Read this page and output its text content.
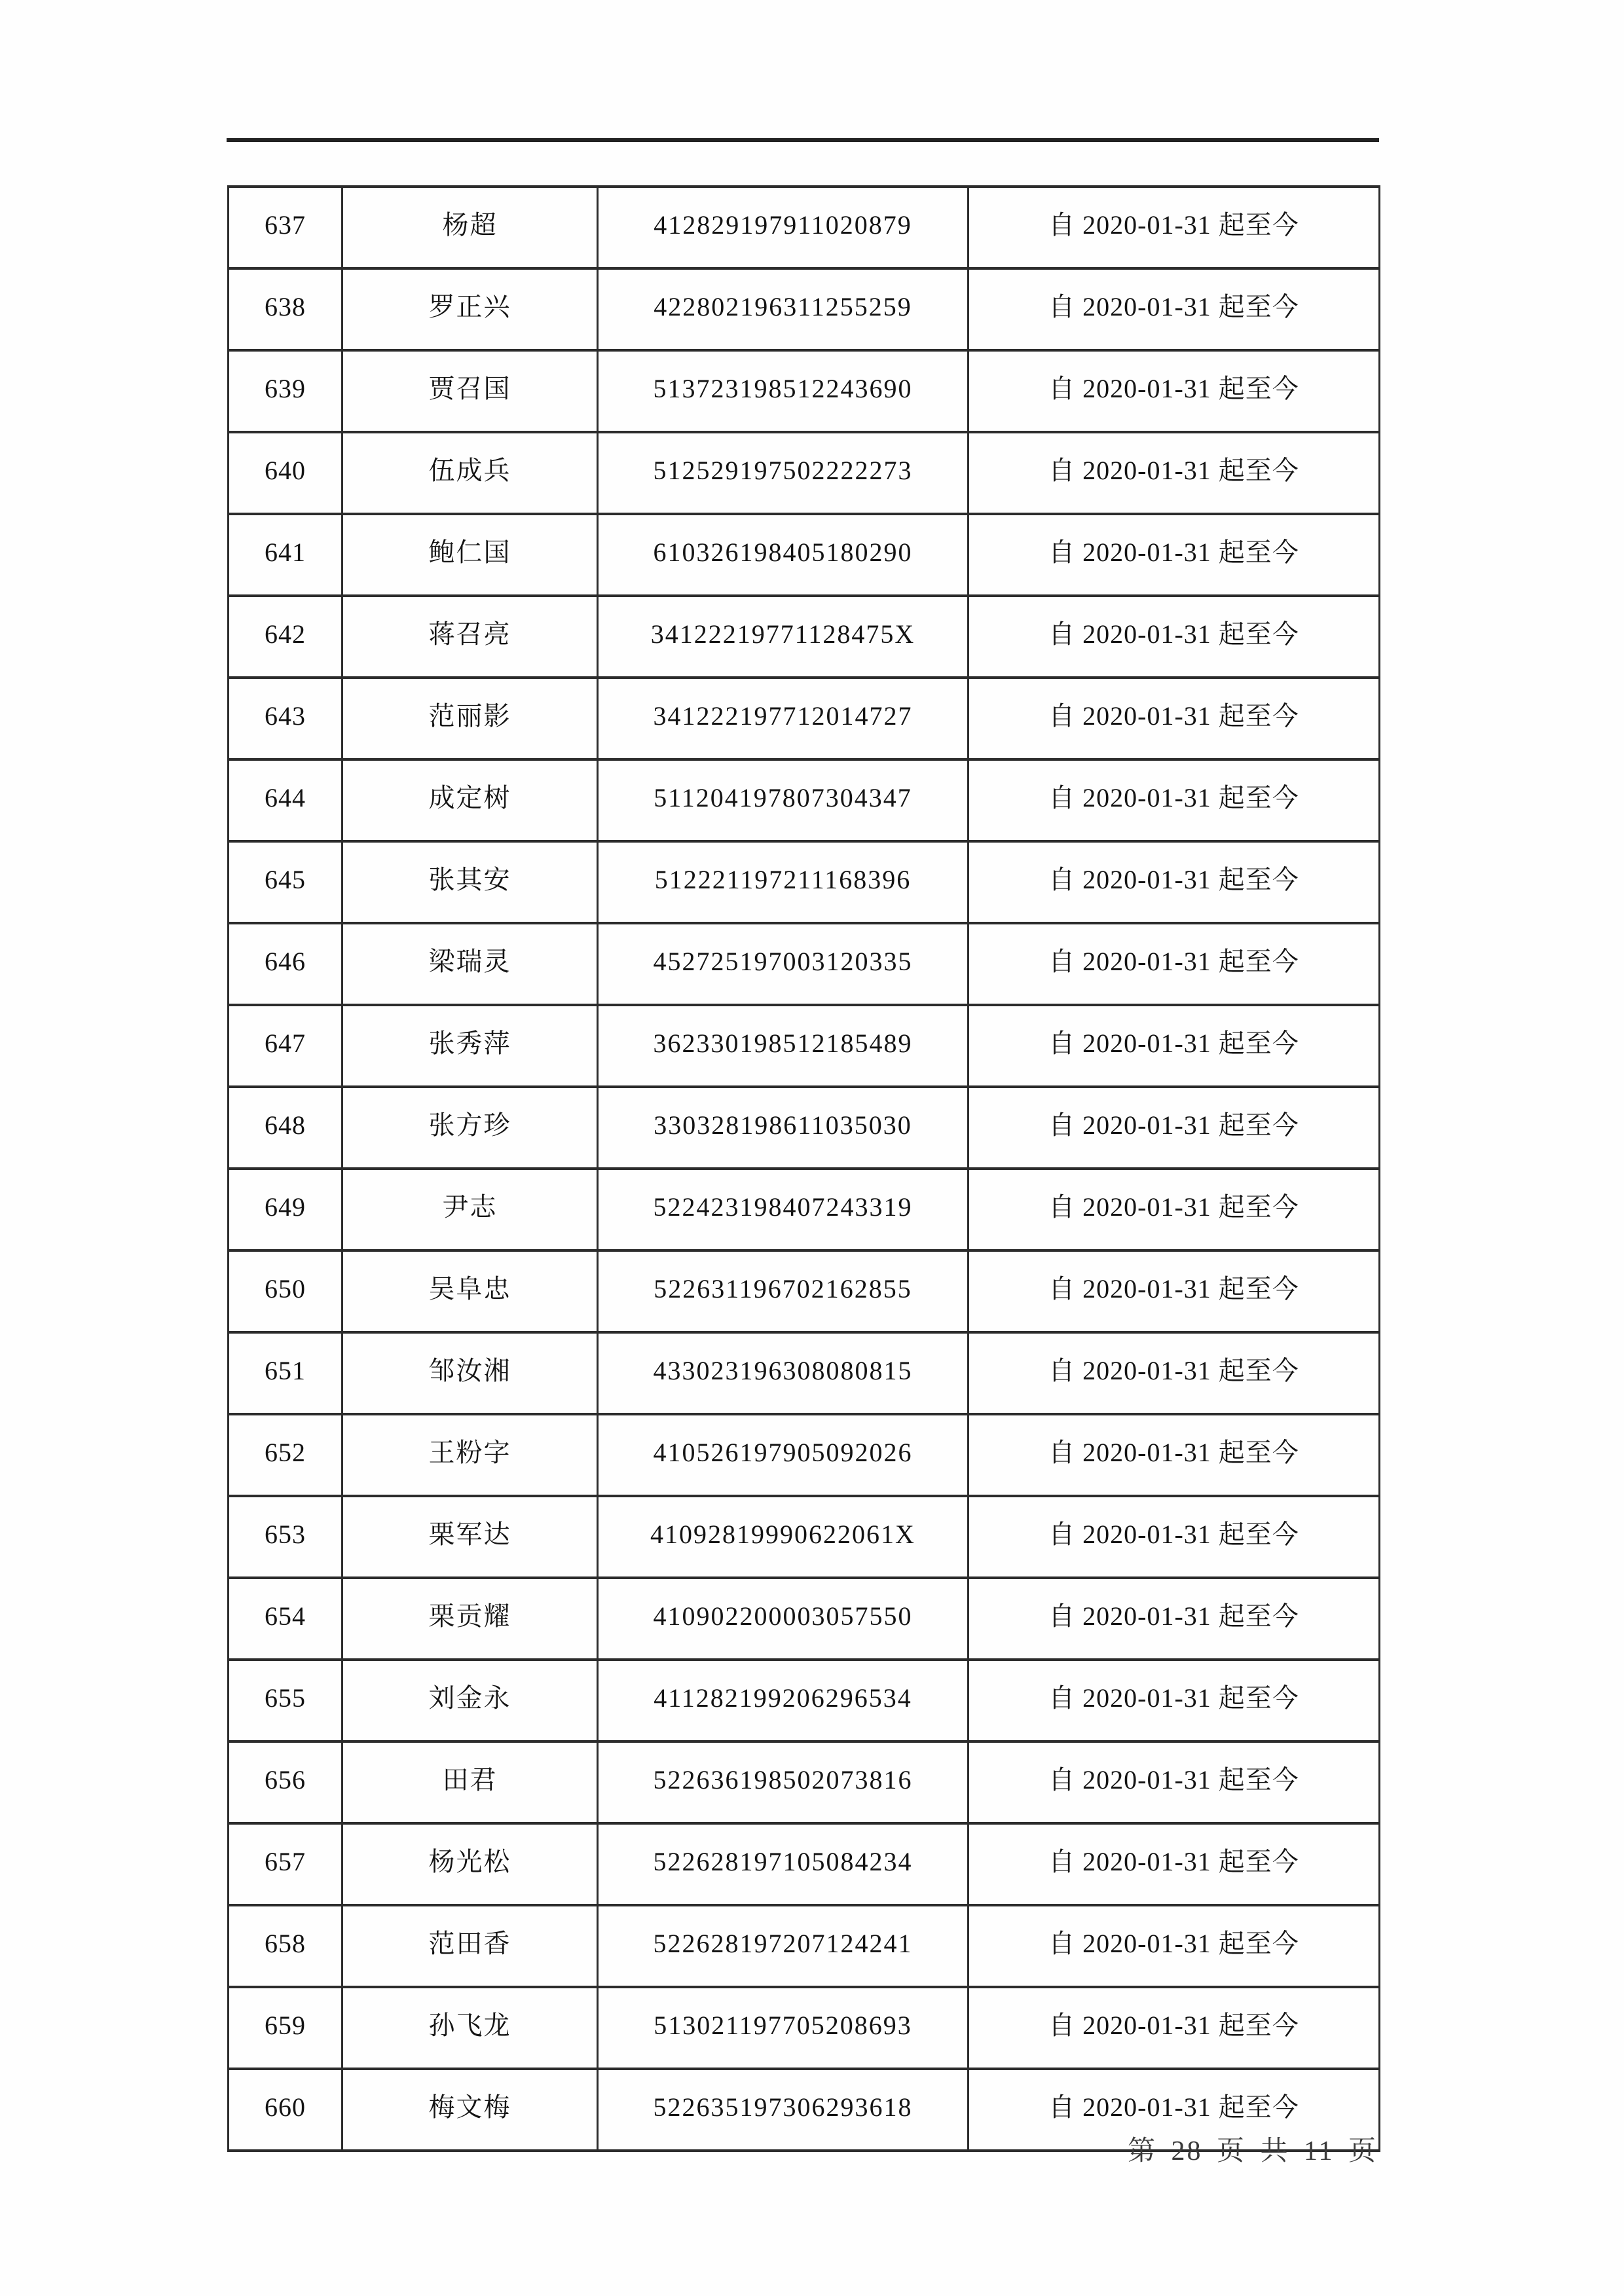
637	杨超	412829197911020879	自 2020-01-31 起至今
638	罗正兴	422802196311255259	自 2020-01-31 起至今
639	贾召国	513723198512243690	自 2020-01-31 起至今
640	伍成兵	512529197502222273	自 2020-01-31 起至今
641	鲍仁国	610326198405180290	自 2020-01-31 起至今
642	蒋召亮	34122219771128475X	自 2020-01-31 起至今
643	范丽影	341222197712014727	自 2020-01-31 起至今
644	成定树	511204197807304347	自 2020-01-31 起至今
645	张其安	512221197211168396	自 2020-01-31 起至今
646	梁瑞灵	452725197003120335	自 2020-01-31 起至今
647	张秀萍	362330198512185489	自 2020-01-31 起至今
648	张方珍	330328198611035030	自 2020-01-31 起至今
649	尹志	522423198407243319	自 2020-01-31 起至今
650	吴阜忠	522631196702162855	自 2020-01-31 起至今
651	邹汝湘	433023196308080815	自 2020-01-31 起至今
652	王粉字	410526197905092026	自 2020-01-31 起至今
653	栗军达	41092819990622061X	自 2020-01-31 起至今
654	栗贡耀	410902200003057550	自 2020-01-31 起至今
655	刘金永	411282199206296534	自 2020-01-31 起至今
656	田君	522636198502073816	自 2020-01-31 起至今
657	杨光松	522628197105084234	自 2020-01-31 起至今
658	范田香	522628197207124241	自 2020-01-31 起至今
659	孙飞龙	513021197705208693	自 2020-01-31 起至今
660	梅文梅	522635197306293618	自 2020-01-31 起至今
第 28 页 共 11 页
